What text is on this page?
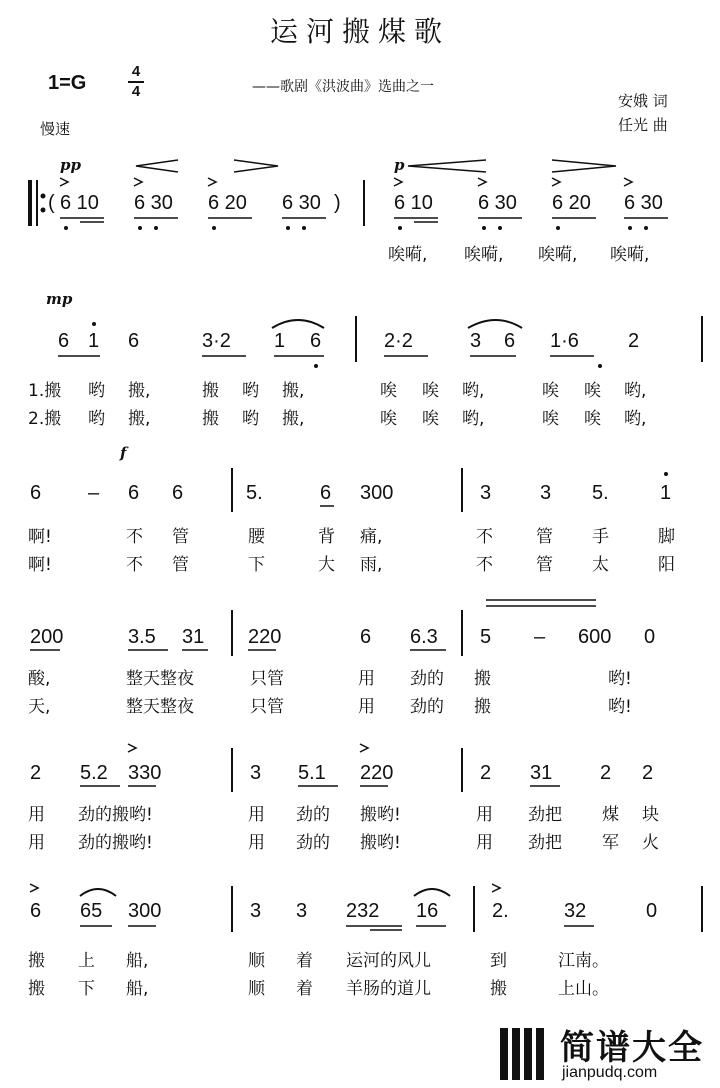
运河搬煤歌
1=G
4
4	——歌剧《洪波曲》选曲之一
安娥 词
任光 曲
慢速
pp	p
mp
f
( 6 10 6 30 6 20 6 30 )	6 10 6 30 6 20 6 30
唉嗬, 唉嗬, 唉嗬, 唉嗬,
6 1 6	3·2 1 6	2·2	3 6 1·6 2
1.搬 哟 搬,	搬 哟 搬,	唉 唉 哟,	唉 唉 哟,
2.搬 哟 搬,	搬 哟 搬,	唉 唉 哟,	唉 唉 哟,
6 – 6 6	5.	6 300	3 3 5.	1
啊!	不 管	腰	背 痛,	不	管 手	脚
啊!	不 管	下	大 雨,	不	管 太	阳
200	3.5 31 220	6 6.3 5 – 600 0
酸,	整天整夜	只管	用 劲的 搬	哟!
天,	整天整夜	只管	用 劲的 搬	哟!
2 5.2 330	3 5.1 220	2 31 2 2
用 劲的搬哟!	用 劲的 搬哟!	用 劲把 煤 块
用 劲的搬哟!	用 劲的 搬哟!	用 劲把 军 火
6 65 300	3 3 232 16	2.	32	0
搬 上 船,	顺 着 运河的风儿	到	江南。
搬 下 船,	顺 着 羊肠的道儿	搬	上山。
简谱大全
jianpudq.com
